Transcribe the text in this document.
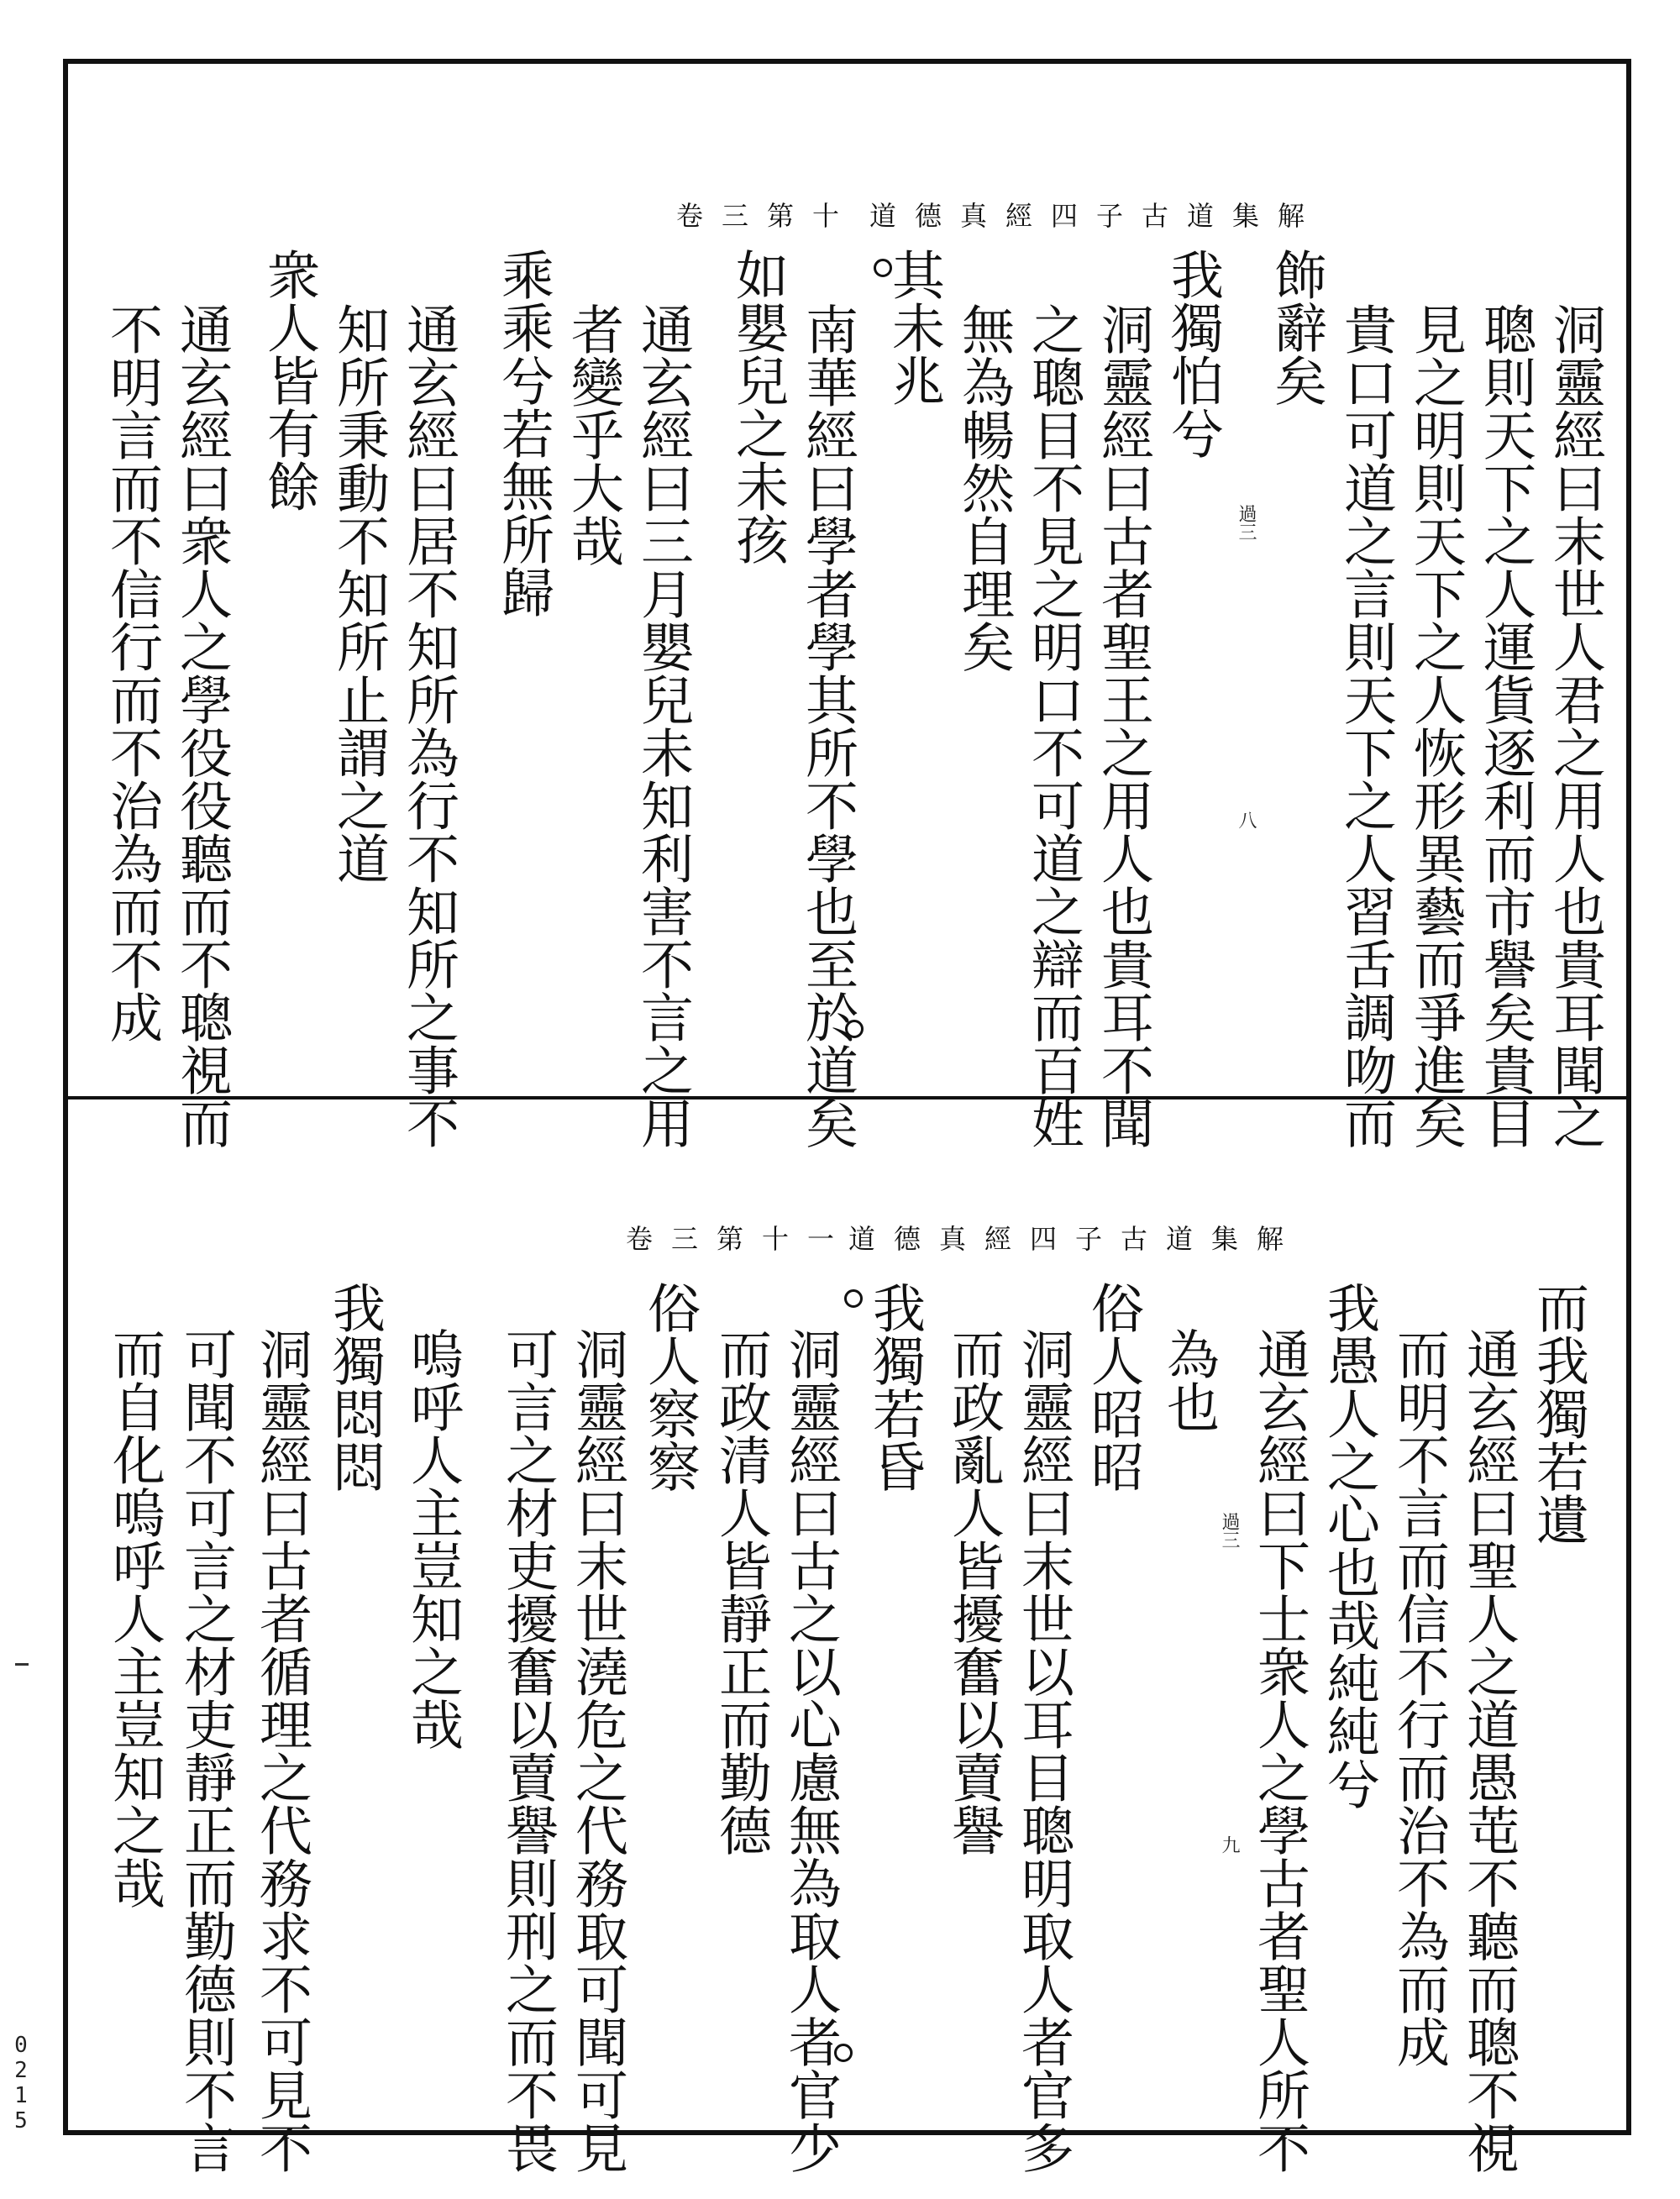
0215
道德真經四子古道集解
卷三第十
洞靈經曰末世人君之用人也貴耳聞之
聰則天下之人運貨逐利而市譽矣貴目
見之明則天下之人恢形異藝而爭進矣
貴口可道之言則天下之人習舌調吻而
飾辭矣
我獨怕兮
洞靈經曰古者聖王之用人也貴耳不聞
之聰目不見之明口不可道之辯而百姓
無為暢然自理矣
其未兆
南華經曰學者學其所不學也至於道矣
如嬰兒之未孩
通玄經曰三月嬰兒未知利害不言之用
者變乎大哉
乘乘兮若無所歸
通玄經曰居不知所為行不知所之事不
知所秉動不知所止謂之道
衆人皆有餘
通玄經曰衆人之學役役聽而不聰視而
不明言而不信行而不治為而不成	過三
八
道德真經四子古道集解
卷三第十一
而我獨若遺
通玄經曰聖人之道愚芚不聽而聰不視
而明不言而信不行而治不為而成
我愚人之心也哉純純兮
通玄經曰下士衆人之學古者聖人所不
為也
俗人昭昭
洞靈經曰末世以耳目聰明取人者官多
而政亂人皆擾奮以賣譽
我獨若昏
洞靈經曰古之以心慮無為取人者官少
而政清人皆靜正而勤德
俗人察察
洞靈經曰末世澆危之代務取可聞可見
可言之材吏擾奮以賣譽則刑之而不畏
嗚呼人主豈知之哉
我獨悶悶
洞靈經曰古者循理之代務求不可見不
可聞不可言之材吏靜正而勤德則不言
而自化嗚呼人主豈知之哉	過三
九
